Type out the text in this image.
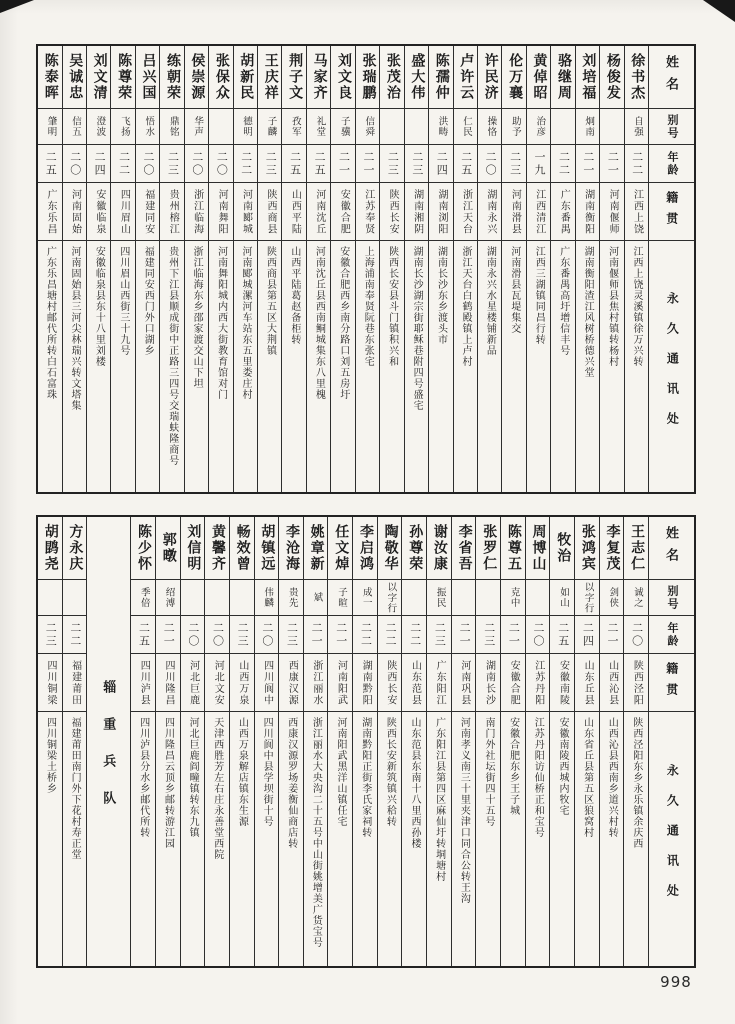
姓名
别号
年龄
籍贯
永久通讯处
徐书杰
自强
二二
江西上饶
江西上饶灵溪镇徐万兴转
杨俊发
二一
河南偃师
河南偃师县焦村镇转杨村
刘培福
炯南
二一
湖南衡阳
湖南衡阳渣江风树桥德兴堂
骆继周
二二
广东番禺
广东番禺高圩增信丰号
黄倬昭
治彦
一九
江西清江
江西三湖镇同昌行转
伦万襄
助予
二三
河南滑县
河南滑县瓦堤集交
许民济
操恪
二〇
湖南永兴
湖南永兴水星楼铺新品
卢许云
仁民
二五
浙江天台
浙江天台白鹤殿镇上卢村
陈孺仲
洪畴
二四
湖南浏阳
湖南长沙东乡渡头市
盛大伟
二三
湖南湘阴
湖南长沙湖宗街耶稣巷附四号盛宅
张茂治
二三
陕西长安
陕西长安县斗门镇积兴和
张瑞鹏
信舜
二一
江苏奉贤
上海浦南奉贤阮巷东张宅
刘文良
子骥
二一
安徽合肥
安徽合肥西乡南分路口刘五房圩
马家齐
礼堂
二五
河南沈丘
河南沈丘县西南鲖城集东八里槐
荆子文
孜军
二五
山西平陆
山西平陆葛赵备柜转
王庆祥
子麟
二三
陕西商县
陕西商县第五区大荆镇
胡新民
德明
二二
河南郾城
河南郾城漯河车站东五里娄庄村
张保众
二〇
河南舞阳
河南舞阳城内西大街教育馆对门
侯崇源
华声
二〇
浙江临海
浙江临海东乡邵家渡交山下坦
练朝荣
鼎铭
二三
贵州榕江
贵州下江县顺成街中正路三四号交瑞蚨隆商号
吕兴国
悟水
二〇
福建同安
福建同安西门外口湖乡
陈尊荣
飞扬
二二
四川眉山
四川眉山西街三十九号
刘文清
澄波
二四
安徽临泉
安徽临泉县东十八里刘楼
吴诚忠
信五
二〇
河南固始
河南固始县三河尖林瑞兴转文塔集
陈泰晖
肇明
二五
广东乐昌
广东乐昌塘村邮代所转白石富珠
姓名
别号
年龄
籍贯
永久通讯处
王志仁
诚之
二〇
陕西泾阳
陕西泾阳东乡永乐镇余庆西
李复茂
剑侠
二一
山西沁县
山西沁县西南乡道兴村转
张鸿宾
以字行
二四
山东丘县
山东省丘县第五区狼窝村
牧治
如山
二五
安徽南陵
安徽南陵西城内牧宅
周博山
二〇
江苏丹阳
江苏丹阳访仙桥正和宝号
陈尊五
克中
二一
安徽合肥
安徽合肥东乡王子城
张罗仁
二三
湖南长沙
南门外社坛街四十五号
李省吾
二一
河南巩县
河南孝义南三十里夹津口同合公转王沟
谢汝康
振民
二三
广东阳江
广东阳江县第四区麻仙圩转垌塘村
孙尊荣
二二
山东范县
山东范县东南十八里西孙楼
陶敬华
以字行
二二
陕西长安
陕西长安新筑镇兴秴转
李启鸿
成一
二二
湖南黔阳
湖南黔阳正街李氏家祠转
任文焯
子暄
二一
河南阳武
河南阳武黑洋山镇任宅
姚章新
斌
二一
浙江丽水
浙江丽水大央沟二十五号中山街姚增美广货宝号
李沧海
贵先
二三
西康汉源
西康汉源罗场姜衡仙商店转
胡镇远
伟麟
二〇
四川阆中
四川阆中县学坝街十号
畅效曾
二三
山西万泉
山西万泉解店镇东生源
黄馨齐
二〇
河北文安
天津西胜芳左右庄永善堂西院
刘信明
二〇
河北巨鹿
河北巨鹿阎疃镇转东九镇
郭暾
绍溥
二一
四川隆昌
四川隆昌云顶乡邮转游江园
陈少怀
季倍
二五
四川泸县
四川泸县分水乡邮代所转
辎重兵队
方永庆
二二
福建莆田
福建莆田南门外下花村寿正堂
胡鹍尧
二三
四川铜梁
四川铜梁土桥乡
998
